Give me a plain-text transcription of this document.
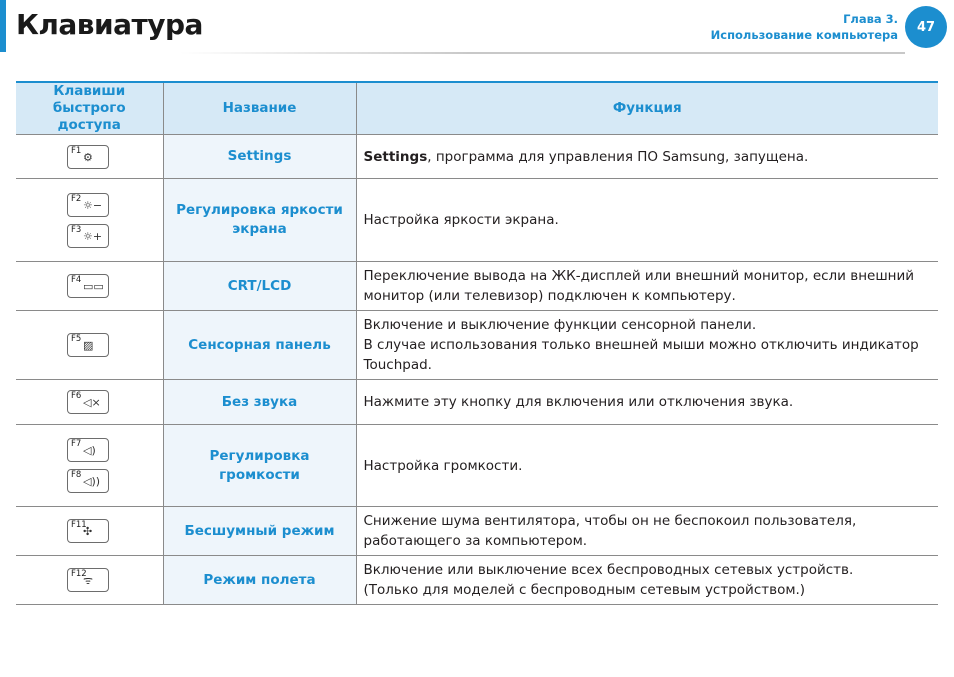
Клавиатура	Глава 3.
Использование компьютера
47
Клавиши быстрого доступа	Название	Функция

F1 ⚙	Settings	Settings, программа для управления ПО Samsung, запущена.

F2 ☼−
F3 ☼+	Регулировка яркости экрана	Настройка яркости экрана.

F4 ▭▭	CRT/LCD	Переключение вывода на ЖК-дисплей или внешний монитор, если внешний монитор (или телевизор) подключен к компьютеру.

F5 ▨	Сенсорная панель	Включение и выключение функции сенсорной панели.
В случае использования только внешней мыши можно отключить индикатор Touchpad.

F6 ◁×	Без звука	Нажмите эту кнопку для включения или отключения звука.

F7 ◁)
F8 ◁))	Регулировка громкости	Настройка громкости.

F11
✣	Бесшумный режим	Снижение шума вентилятора, чтобы он не беспокоил пользователя, работающего за компьютером.

F12
ᯤ	Режим полета	Включение или выключение всех беспроводных сетевых устройств.
(Только для моделей с беспроводным сетевым устройством.)
